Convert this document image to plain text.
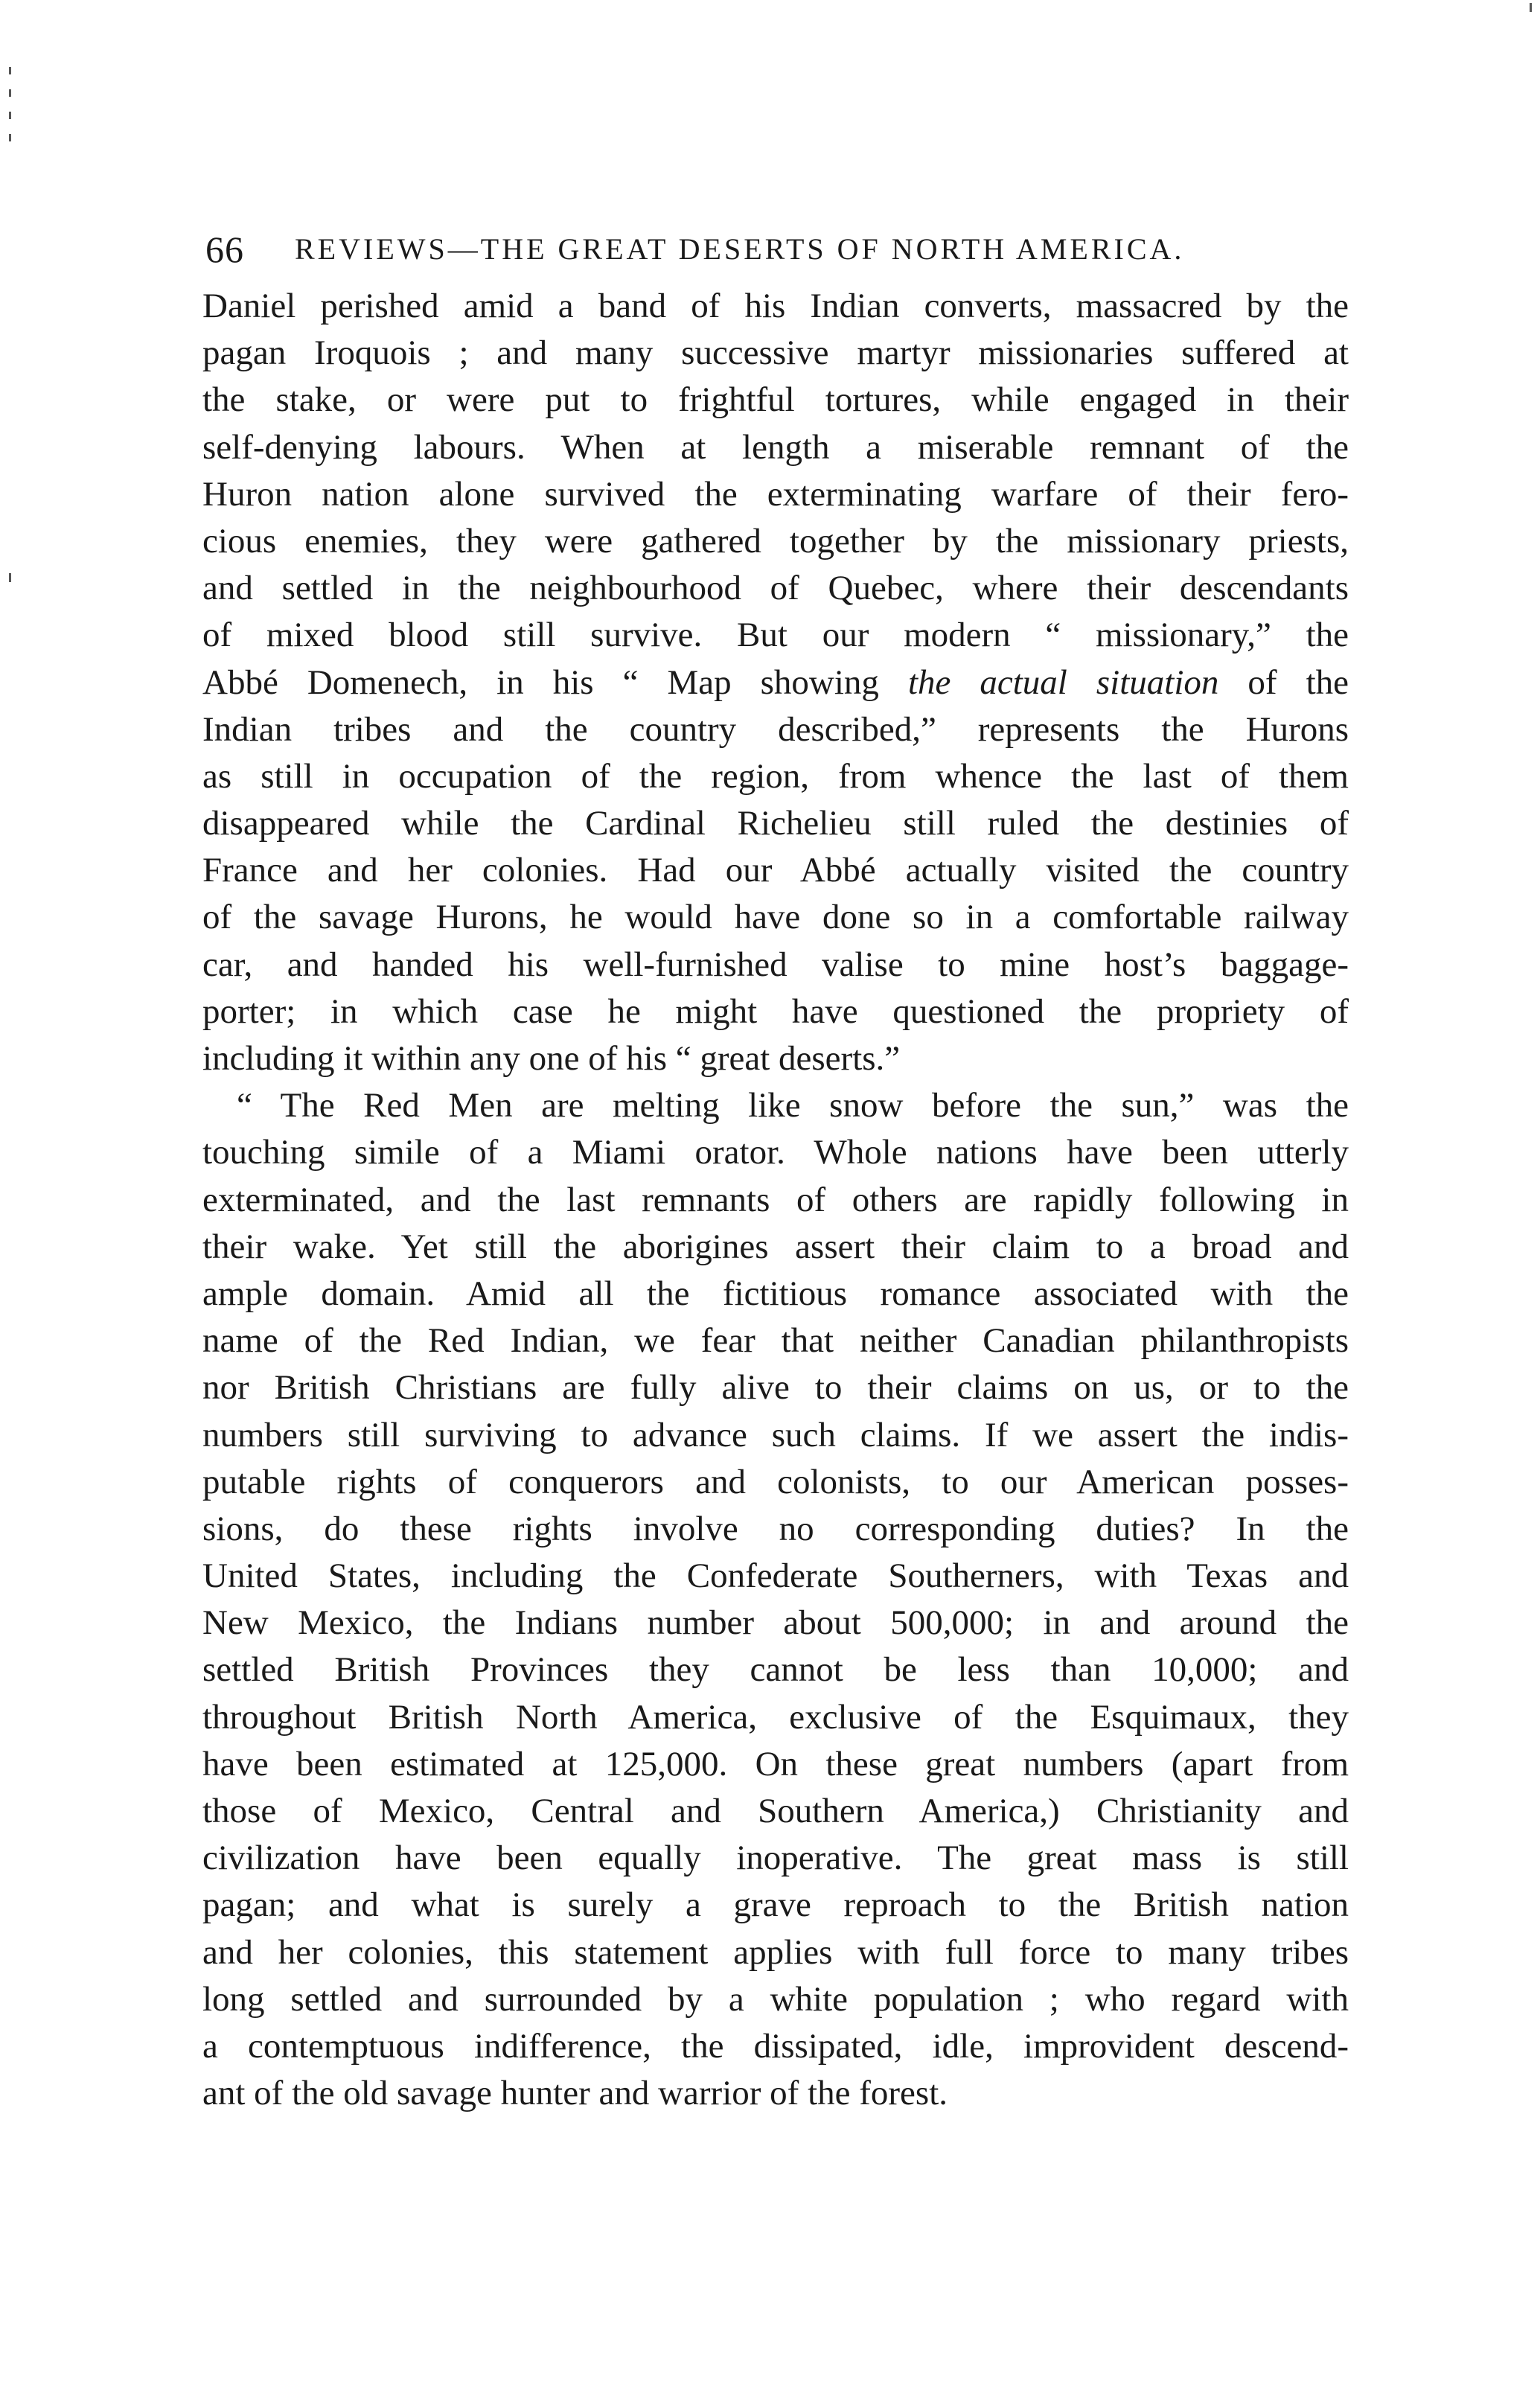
66 REVIEWS—THE GREAT DESERTS OF NORTH AMERICA.
Daniel perished amid a band of his Indian converts, massacred by the
pagan Iroquois ; and many successive martyr missionaries suffered at
the stake, or were put to frightful tortures, while engaged in their
self-denying labours. When at length a miserable remnant of the
Huron nation alone survived the exterminating warfare of their fero-
cious enemies, they were gathered together by the missionary priests,
and settled in the neighbourhood of Quebec, where their descendants
of mixed blood still survive. But our modern “ missionary,” the
Abbé Domenech, in his “ Map showing the actual situation of the
Indian tribes and the country described,” represents the Hurons
as still in occupation of the region, from whence the last of them
disappeared while the Cardinal Richelieu still ruled the destinies of
France and her colonies. Had our Abbé actually visited the country
of the savage Hurons, he would have done so in a comfortable railway
car, and handed his well-furnished valise to mine host’s baggage-
porter; in which case he might have questioned the propriety of
including it within any one of his “ great deserts.”
“ The Red Men are melting like snow before the sun,” was the
touching simile of a Miami orator. Whole nations have been utterly
exterminated, and the last remnants of others are rapidly following in
their wake. Yet still the aborigines assert their claim to a broad and
ample domain. Amid all the fictitious romance associated with the
name of the Red Indian, we fear that neither Canadian philanthropists
nor British Christians are fully alive to their claims on us, or to the
numbers still surviving to advance such claims. If we assert the indis-
putable rights of conquerors and colonists, to our American posses-
sions, do these rights involve no corresponding duties? In the
United States, including the Confederate Southerners, with Texas and
New Mexico, the Indians number about 500,000; in and around the
settled British Provinces they cannot be less than 10,000; and
throughout British North America, exclusive of the Esquimaux, they
have been estimated at 125,000. On these great numbers (apart from
those of Mexico, Central and Southern America,) Christianity and
civilization have been equally inoperative. The great mass is still
pagan; and what is surely a grave reproach to the British nation
and her colonies, this statement applies with full force to many tribes
long settled and surrounded by a white population ; who regard with
a contemptuous indifference, the dissipated, idle, improvident descend-
ant of the old savage hunter and warrior of the forest.
